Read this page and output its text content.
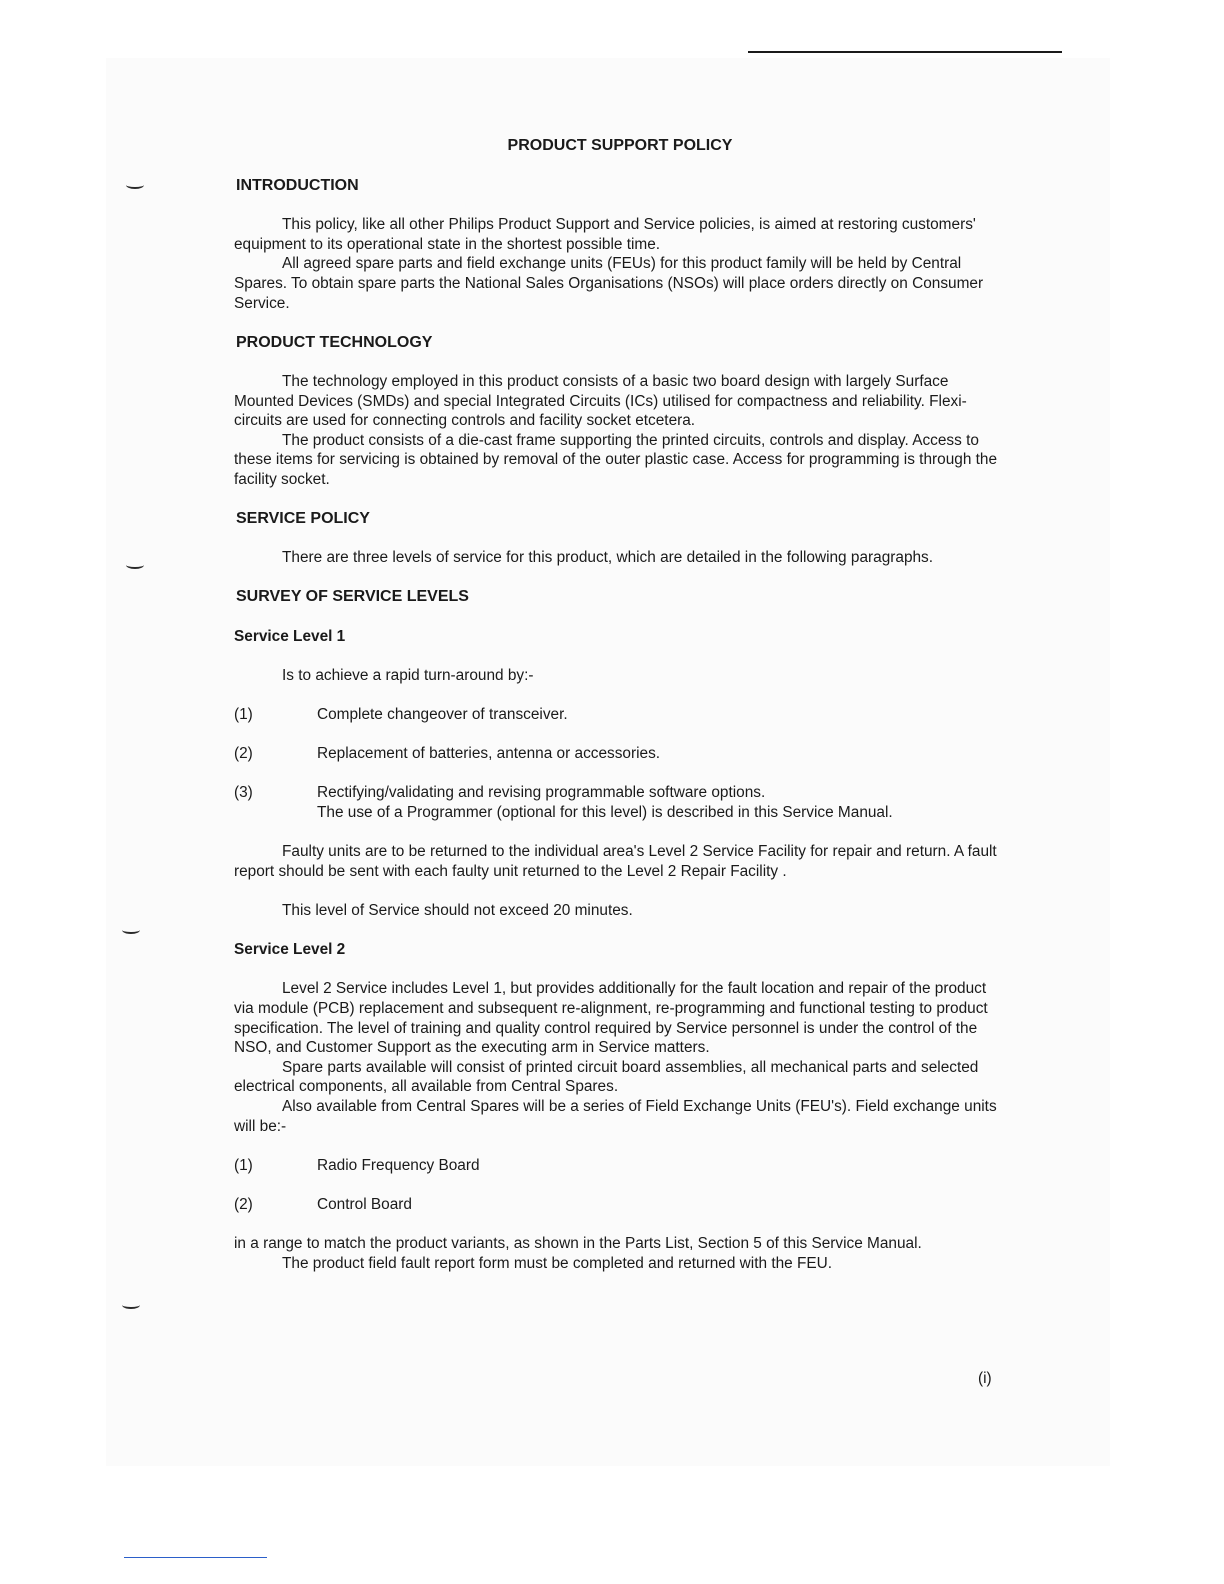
PRODUCT SUPPORT POLICY
INTRODUCTION

This policy, like all other Philips Product Support and Service policies, is aimed at restoring customers' equipment to its operational state in the shortest possible time.

All agreed spare parts and field exchange units (FEUs) for this product family will be held by Central Spares. To obtain spare parts the National Sales Organisations (NSOs) will place orders directly on Consumer Service.

PRODUCT TECHNOLOGY

The technology employed in this product consists of a basic two board design with largely Surface Mounted Devices (SMDs) and special Integrated Circuits (ICs) utilised for compactness and reliability. Flexi-circuits are used for connecting controls and facility socket etcetera.

The product consists of a die-cast frame supporting the printed circuits, controls and display. Access to these items for servicing is obtained by removal of the outer plastic case. Access for programming is through the facility socket.

SERVICE POLICY

There are three levels of service for this product, which are detailed in the following paragraphs.

SURVEY OF SERVICE LEVELS
Service Level 1

Is to achieve a rapid turn-around by:-

(1)	Complete changeover of transceiver.
(2)	Replacement of batteries, antenna or accessories.
(3)	Rectifying/validating and revising programmable software options.
The use of a Programmer (optional for this level) is described in this Service Manual.

Faulty units are to be returned to the individual area's Level 2 Service Facility for repair and return. A fault report should be sent with each faulty unit returned to the Level 2 Repair Facility .

This level of Service should not exceed 20 minutes.

Service Level 2

Level 2 Service includes Level 1, but provides additionally for the fault location and repair of the product via module (PCB) replacement and subsequent re-alignment, re-programming and functional testing to product specification. The level of training and quality control required by Service personnel is under the control of the NSO, and Customer Support as the executing arm in Service matters.

Spare parts available will consist of printed circuit board assemblies, all mechanical parts and selected electrical components, all available from Central Spares.

Also available from Central Spares will be a series of Field Exchange Units (FEU's). Field exchange units will be:-

(1)	Radio Frequency Board
(2)	Control Board

in a range to match the product variants, as shown in the Parts List, Section 5 of this Service Manual.

The product field fault report form must be completed and returned with the FEU.

(i)
